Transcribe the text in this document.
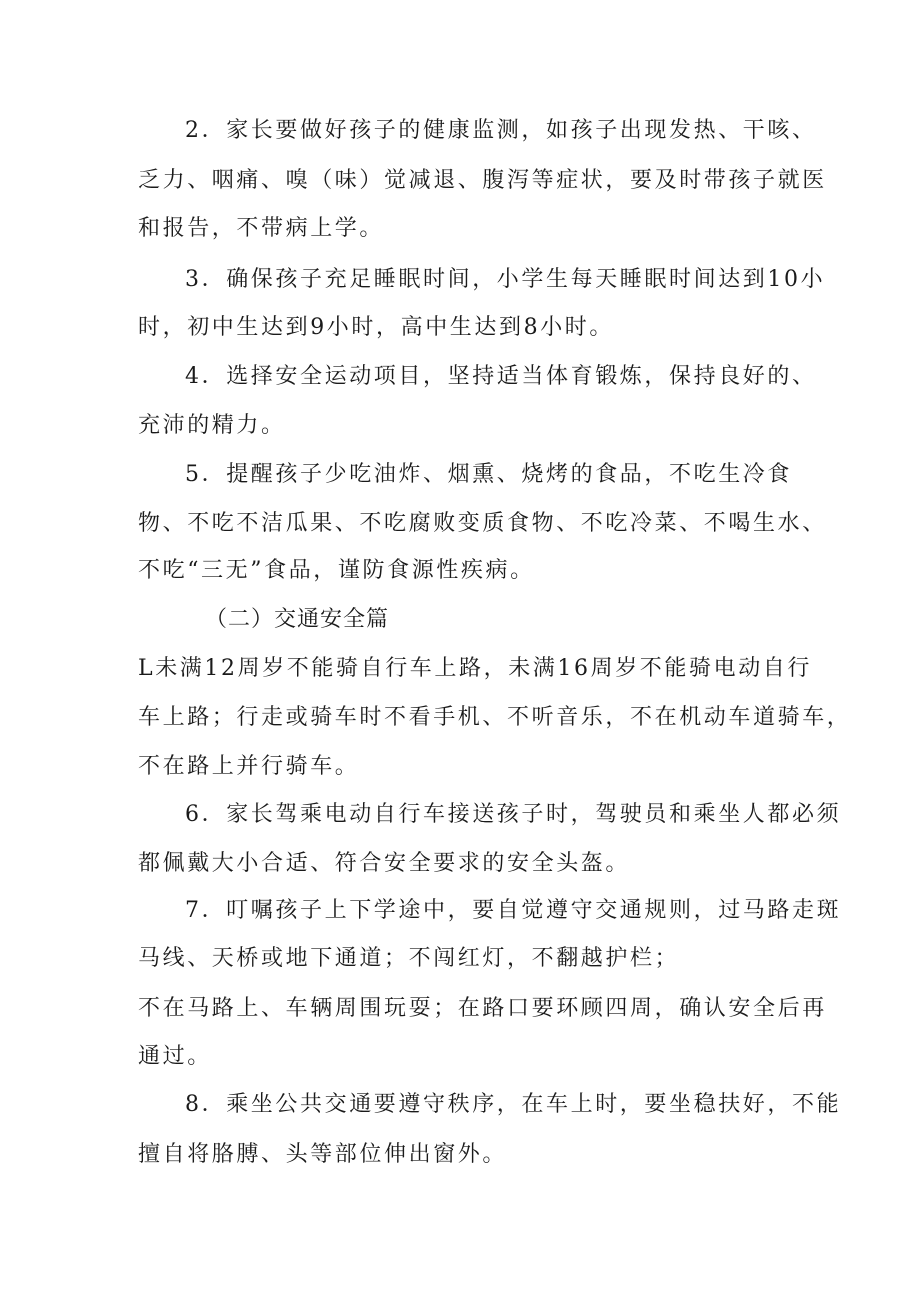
2．家长要做好孩子的健康监测，如孩子出现发热、干咳、
乏力、咽痛、嗅（味）觉减退、腹泻等症状，要及时带孩子就医
和报告，不带病上学。
3．确保孩子充足睡眠时间，小学生每天睡眠时间达到10小
时，初中生达到9小时，高中生达到8小时。
4．选择安全运动项目，坚持适当体育锻炼，保持良好的、
充沛的精力。
5．提醒孩子少吃油炸、烟熏、烧烤的食品，不吃生冷食
物、不吃不洁瓜果、不吃腐败变质食物、不吃冷菜、不喝生水、
不吃“三无”食品，谨防食源性疾病。
（二）交通安全篇
L未满12周岁不能骑自行车上路，未满16周岁不能骑电动自行
车上路；行走或骑车时不看手机、不听音乐，不在机动车道骑车，
不在路上并行骑车。
6．家长驾乘电动自行车接送孩子时，驾驶员和乘坐人都必须
都佩戴大小合适、符合安全要求的安全头盔。
7．叮嘱孩子上下学途中，要自觉遵守交通规则，过马路走斑
马线、天桥或地下通道；不闯红灯，不翻越护栏；
不在马路上、车辆周围玩耍；在路口要环顾四周，确认安全后再
通过。
8．乘坐公共交通要遵守秩序，在车上时，要坐稳扶好，不能
擅自将胳膊、头等部位伸出窗外。
